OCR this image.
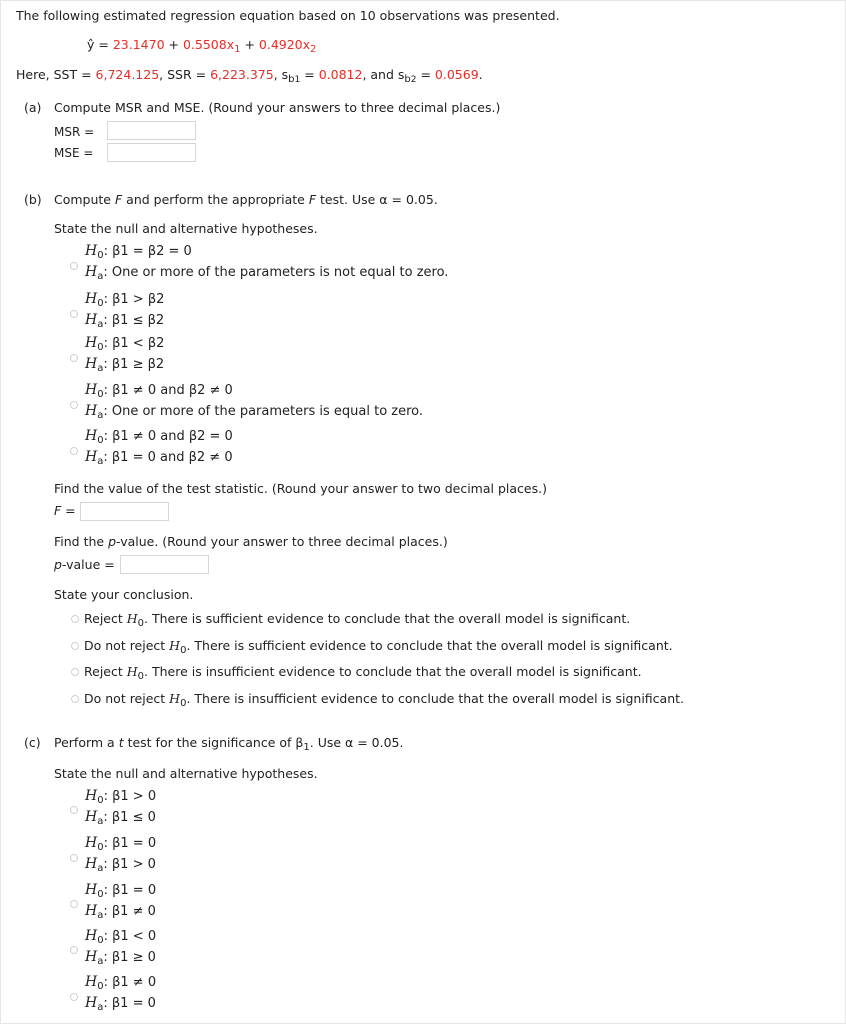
The following estimated regression equation based on 10 observations was presented.
ŷ = $23.1470 + 0.5508x_1 + 0.4920x_2$
Here, SST = 6,724.125, SSR = 6,223.375, $s_{b1} = 0.0812$, and $s_{b2} = 0.0569$.
(a) Compute MSR and MSE. (Round your answers to three decimal places.)
MSR =
MSE =
(b) Compute F and perform the appropriate F test. Use α = 0.05.
State the null and alternative hypotheses.
$H_0$: β1 = β2 = 0
$H_a$: One or more of the parameters is not equal to zero.
$H_0$: β1 > β2
$H_a$: β1 ≤ β2
$H_0$: β1 < β2
$H_a$: β1 ≥ β2
$H_0$: β1 ≠ 0 and β2 ≠ 0
$H_a$: One or more of the parameters is equal to zero.
$H_0$: β1 ≠ 0 and β2 = 0
$H_a$: β1 = 0 and β2 ≠ 0
Find the value of the test statistic. (Round your answer to two decimal places.)
F =
Find the p-value. (Round your answer to three decimal places.)
p-value =
State your conclusion.
Reject $H_0$. There is sufficient evidence to conclude that the overall model is significant.
Do not reject $H_0$. There is sufficient evidence to conclude that the overall model is significant.
Reject $H_0$. There is insufficient evidence to conclude that the overall model is significant.
Do not reject $H_0$. There is insufficient evidence to conclude that the overall model is significant.
(c) Perform a t test for the significance of $\beta_1$. Use α = 0.05.
State the null and alternative hypotheses.
$H_0$: β1 > 0
$H_a$: β1 ≤ 0
$H_0$: β1 = 0
$H_a$: β1 > 0
$H_0$: β1 = 0
$H_a$: β1 ≠ 0
$H_0$: β1 < 0
$H_a$: β1 ≥ 0
$H_0$: β1 ≠ 0
$H_a$: β1 = 0
